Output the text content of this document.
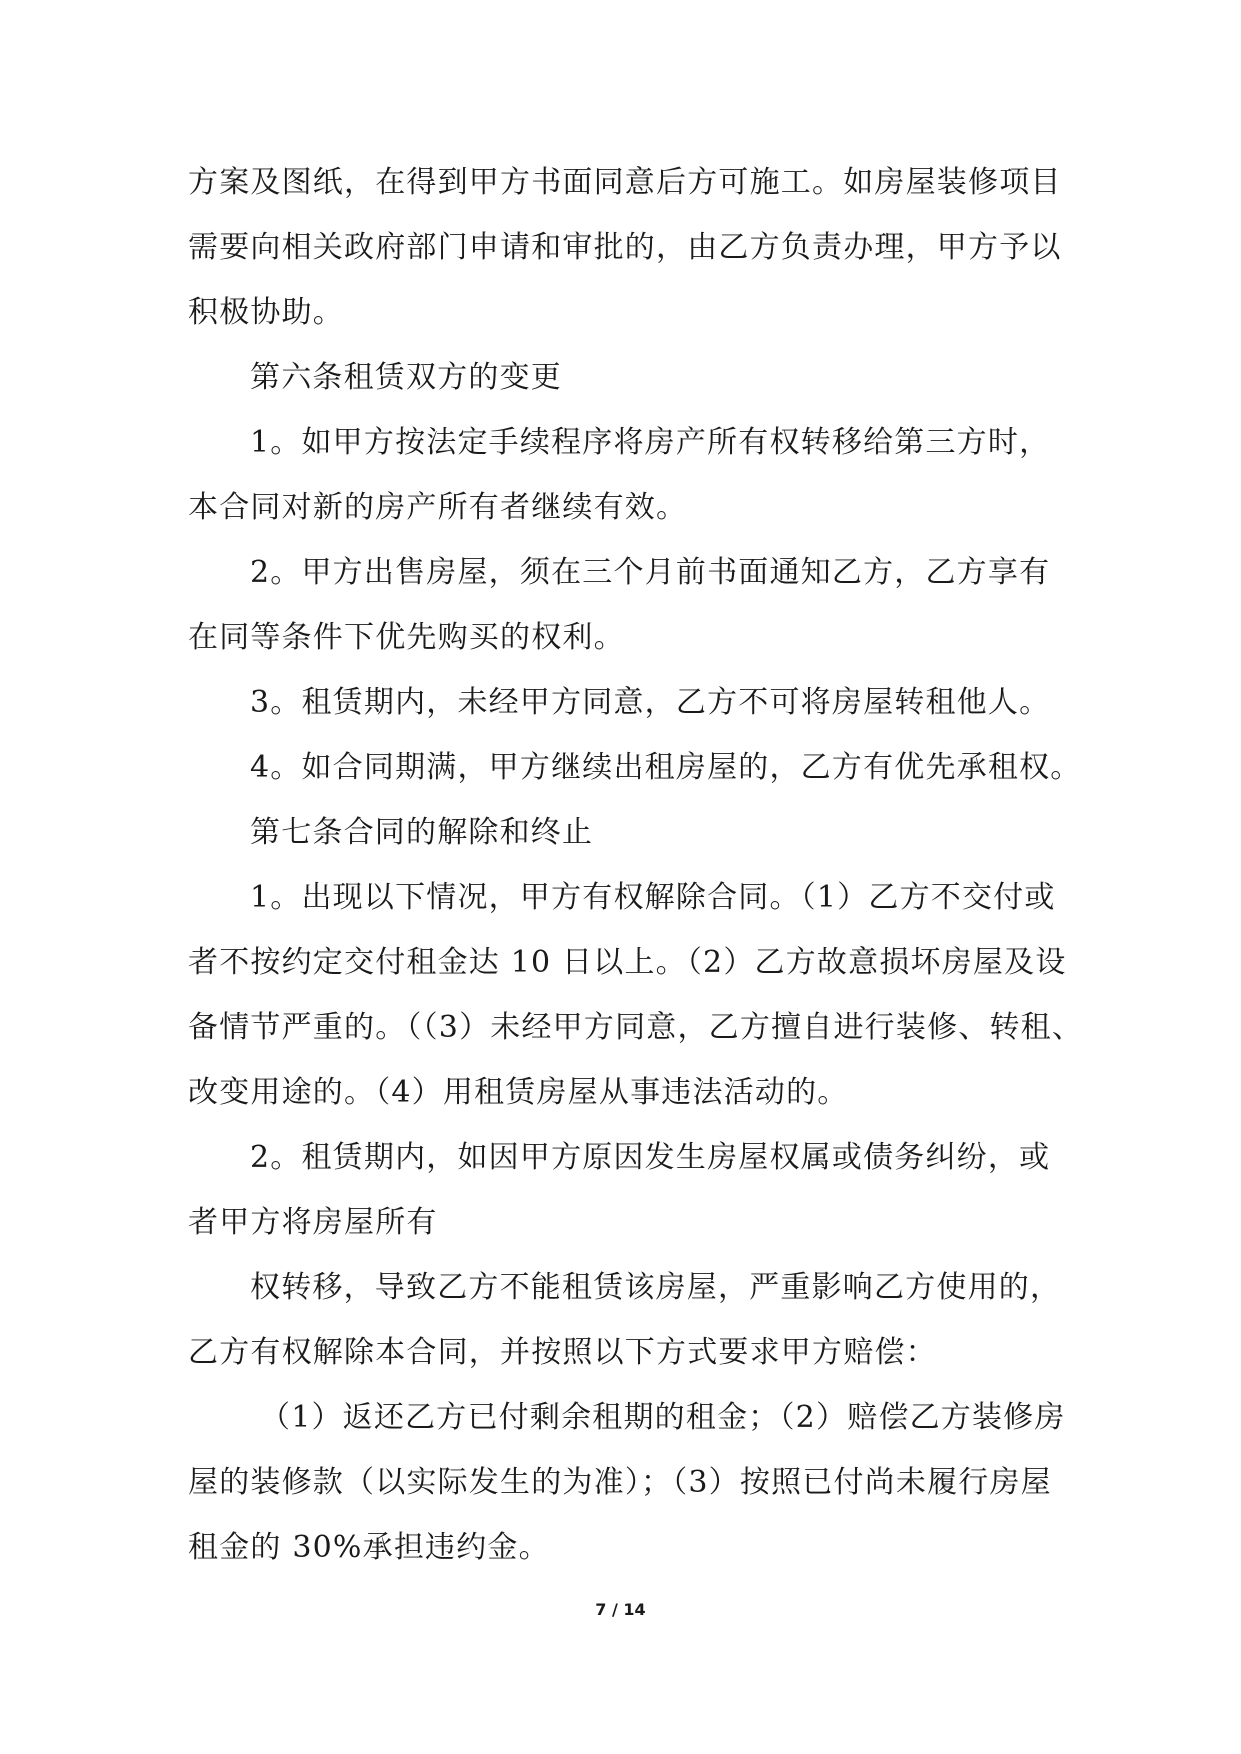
方案及图纸，在得到甲方书面同意后方可施工。如房屋装修项目
需要向相关政府部门申请和审批的，由乙方负责办理，甲方予以
积极协助。
第六条租赁双方的变更
1。如甲方按法定手续程序将房产所有权转移给第三方时，
本合同对新的房产所有者继续有效。
2。甲方出售房屋，须在三个月前书面通知乙方，乙方享有
在同等条件下优先购买的权利。
3。租赁期内，未经甲方同意，乙方不可将房屋转租他人。
4。如合同期满，甲方继续出租房屋的，乙方有优先承租权。
第七条合同的解除和终止
1。出现以下情况，甲方有权解除合同。（1）乙方不交付或
者不按约定交付租金达 10 日以上。（2）乙方故意损坏房屋及设
备情节严重的。（（3）未经甲方同意，乙方擅自进行装修、转租、
改变用途的。（4）用租赁房屋从事违法活动的。
2。租赁期内，如因甲方原因发生房屋权属或债务纠纷，或
者甲方将房屋所有
权转移，导致乙方不能租赁该房屋，严重影响乙方使用的，
乙方有权解除本合同，并按照以下方式要求甲方赔偿：
（1）返还乙方已付剩余租期的租金；（2）赔偿乙方装修房
屋的装修款（以实际发生的为准）；（3）按照已付尚未履行房屋
租金的 30%承担违约金。
7 / 14
